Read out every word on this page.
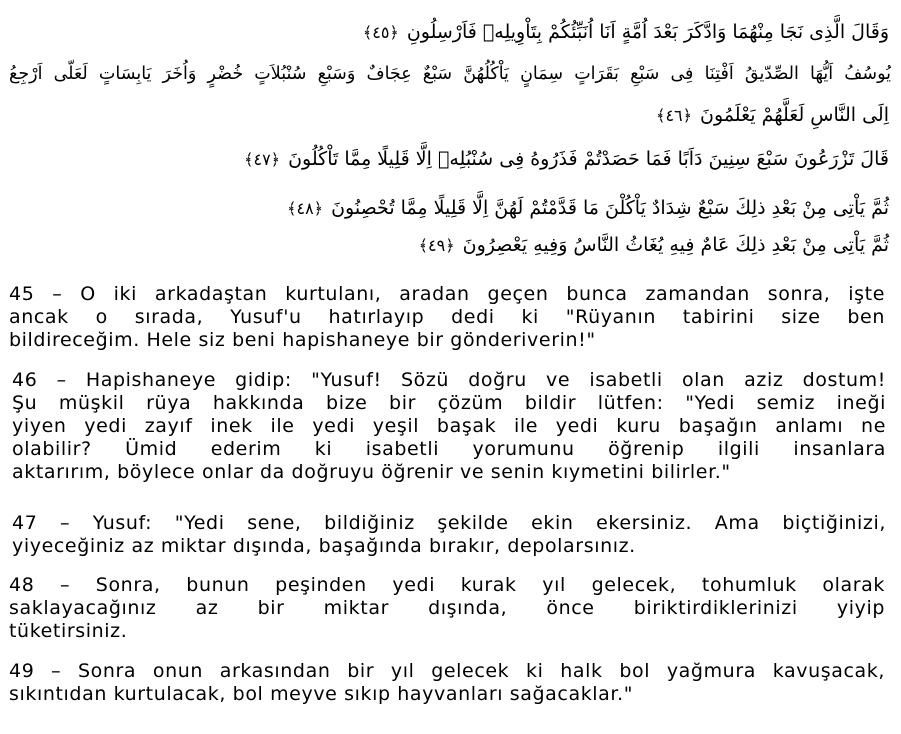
وَقَالَ الَّذِى نَجَا مِنْهُمَا وَادَّكَرَ بَعْدَ اُمَّةٍ اَنَا اُنَبِّئُكُمْ بِتَاْوِيلِهٖ فَاَرْسِلُونِ ﴿٤٥﴾
يُوسُفُ اَيُّهَا الصِّدّيقُ اَفْتِنَا فِى سَبْعِ بَقَرَاتٍ سِمَانٍ يَاْكُلُهُنَّ سَبْعٌ عِجَافٌ وَسَبْعِ سُنْبُلاَتٍ خُضْرٍ وَاُخَرَ يَابِسَاتٍ لَعَلّى اَرْجِعُ
اِلَى النَّاسِ لَعَلَّهُمْ يَعْلَمُونَ ﴿٤٦﴾
قَالَ تَزْرَعُونَ سَبْعَ سِنِينَ دَاَبًا فَمَا حَصَدْتُمْ فَذَرُوهُ فِى سُنْبُلِهٖ اِلَّا قَلِيلًا مِمَّا تَاْكُلُونَ ﴿٤٧﴾
ثُمَّ يَاْتِى مِنْ بَعْدِ ذلِكَ سَبْعٌ شِدَادٌ يَاْكُلْنَ مَا قَدَّمْتُمْ لَهُنَّ اِلَّا قَلِيلًا مِمَّا تُحْصِنُونَ ﴿٤٨﴾
ثُمَّ يَاْتِى مِنْ بَعْدِ ذلِكَ عَامٌ فِيهِ يُغَاثُ النَّاسُ وَفِيهِ يَعْصِرُونَ ﴿٤٩﴾
45 – O iki arkadaştan kurtulanı, aradan geçen bunca zamandan sonra, işte
ancak o sırada, Yusuf'u hatırlayıp dedi ki "Rüyanın tabirini size ben
bildireceğim. Hele siz beni hapishaneye bir gönderiverin!"
46 – Hapishaneye gidip: "Yusuf! Sözü doğru ve isabetli olan aziz dostum!
Şu müşkil rüya hakkında bize bir çözüm bildir lütfen: "Yedi semiz ineği
yiyen yedi zayıf inek ile yedi yeşil başak ile yedi kuru başağın anlamı ne
olabilir? Ümid ederim ki isabetli yorumunu öğrenip ilgili insanlara
aktarırım, böylece onlar da doğruyu öğrenir ve senin kıymetini bilirler."
47 – Yusuf: "Yedi sene, bildiğiniz şekilde ekin ekersiniz. Ama biçtiğinizi,
yiyeceğiniz az miktar dışında, başağında bırakır, depolarsınız.
48 – Sonra, bunun peşinden yedi kurak yıl gelecek, tohumluk olarak
saklayacağınız az bir miktar dışında, önce biriktirdiklerinizi yiyip
tüketirsiniz.
49 – Sonra onun arkasından bir yıl gelecek ki halk bol yağmura kavuşacak,
sıkıntıdan kurtulacak, bol meyve sıkıp hayvanları sağacaklar."
